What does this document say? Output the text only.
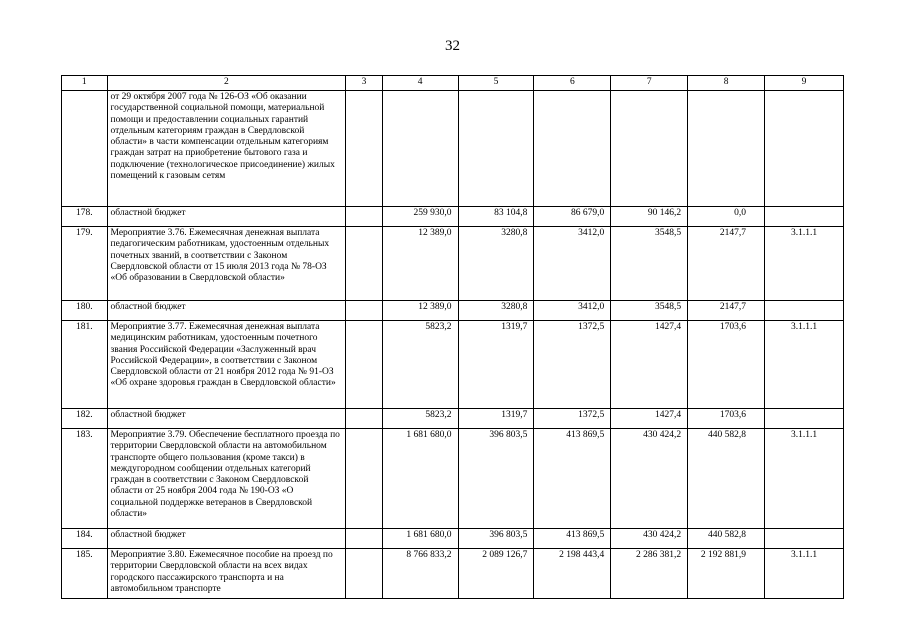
32
1	2	3	4	5	6	7	8	9
	от 29 октября 2007 года № 126-ОЗ «Об оказании государственной социальной помощи, материальной помощи и предоставлении социальных гарантий отдельным категориям граждан в Свердловской области» в части компенсации отдельным категориям граждан затрат на приобретение бытового газа и подключение (технологическое присоединение) жилых помещений к газовым сетям							
178.	областной бюджет		259 930,0	83 104,8	86 679,0	90 146,2	0,0	
179.	Мероприятие 3.76. Ежемесячная денежная выплата педагогическим работникам, удостоенным отдельных почетных званий, в соответствии с Законом Свердловской области от 15 июля 2013 года № 78-ОЗ «Об образовании в Свердловской области»		12 389,0	3280,8	3412,0	3548,5	2147,7	3.1.1.1
180.	областной бюджет		12 389,0	3280,8	3412,0	3548,5	2147,7	
181.	Мероприятие 3.77. Ежемесячная денежная выплата медицинским работникам, удостоенным почетного звания Российской Федерации «Заслуженный врач Российской Федерации», в соответствии с Законом Свердловской области от 21 ноября 2012 года № 91-ОЗ «Об охране здоровья граждан в Свердловской области»		5823,2	1319,7	1372,5	1427,4	1703,6	3.1.1.1
182.	областной бюджет		5823,2	1319,7	1372,5	1427,4	1703,6	
183.	Мероприятие 3.79. Обеспечение бесплатного проезда по территории Свердловской области на автомобильном транспорте общего пользования (кроме такси) в междугородном сообщении отдельных категорий граждан в соответствии с Законом Свердловской области от 25 ноября 2004 года № 190-ОЗ «О социальной поддержке ветеранов в Свердловской области»		1 681 680,0	396 803,5	413 869,5	430 424,2	440 582,8	3.1.1.1
184.	областной бюджет		1 681 680,0	396 803,5	413 869,5	430 424,2	440 582,8	
185.	Мероприятие 3.80. Ежемесячное пособие на проезд по территории Свердловской области на всех видах городского пассажирского транспорта и на автомобильном транспорте		8 766 833,2	2 089 126,7	2 198 443,4	2 286 381,2	2 192 881,9	3.1.1.1
